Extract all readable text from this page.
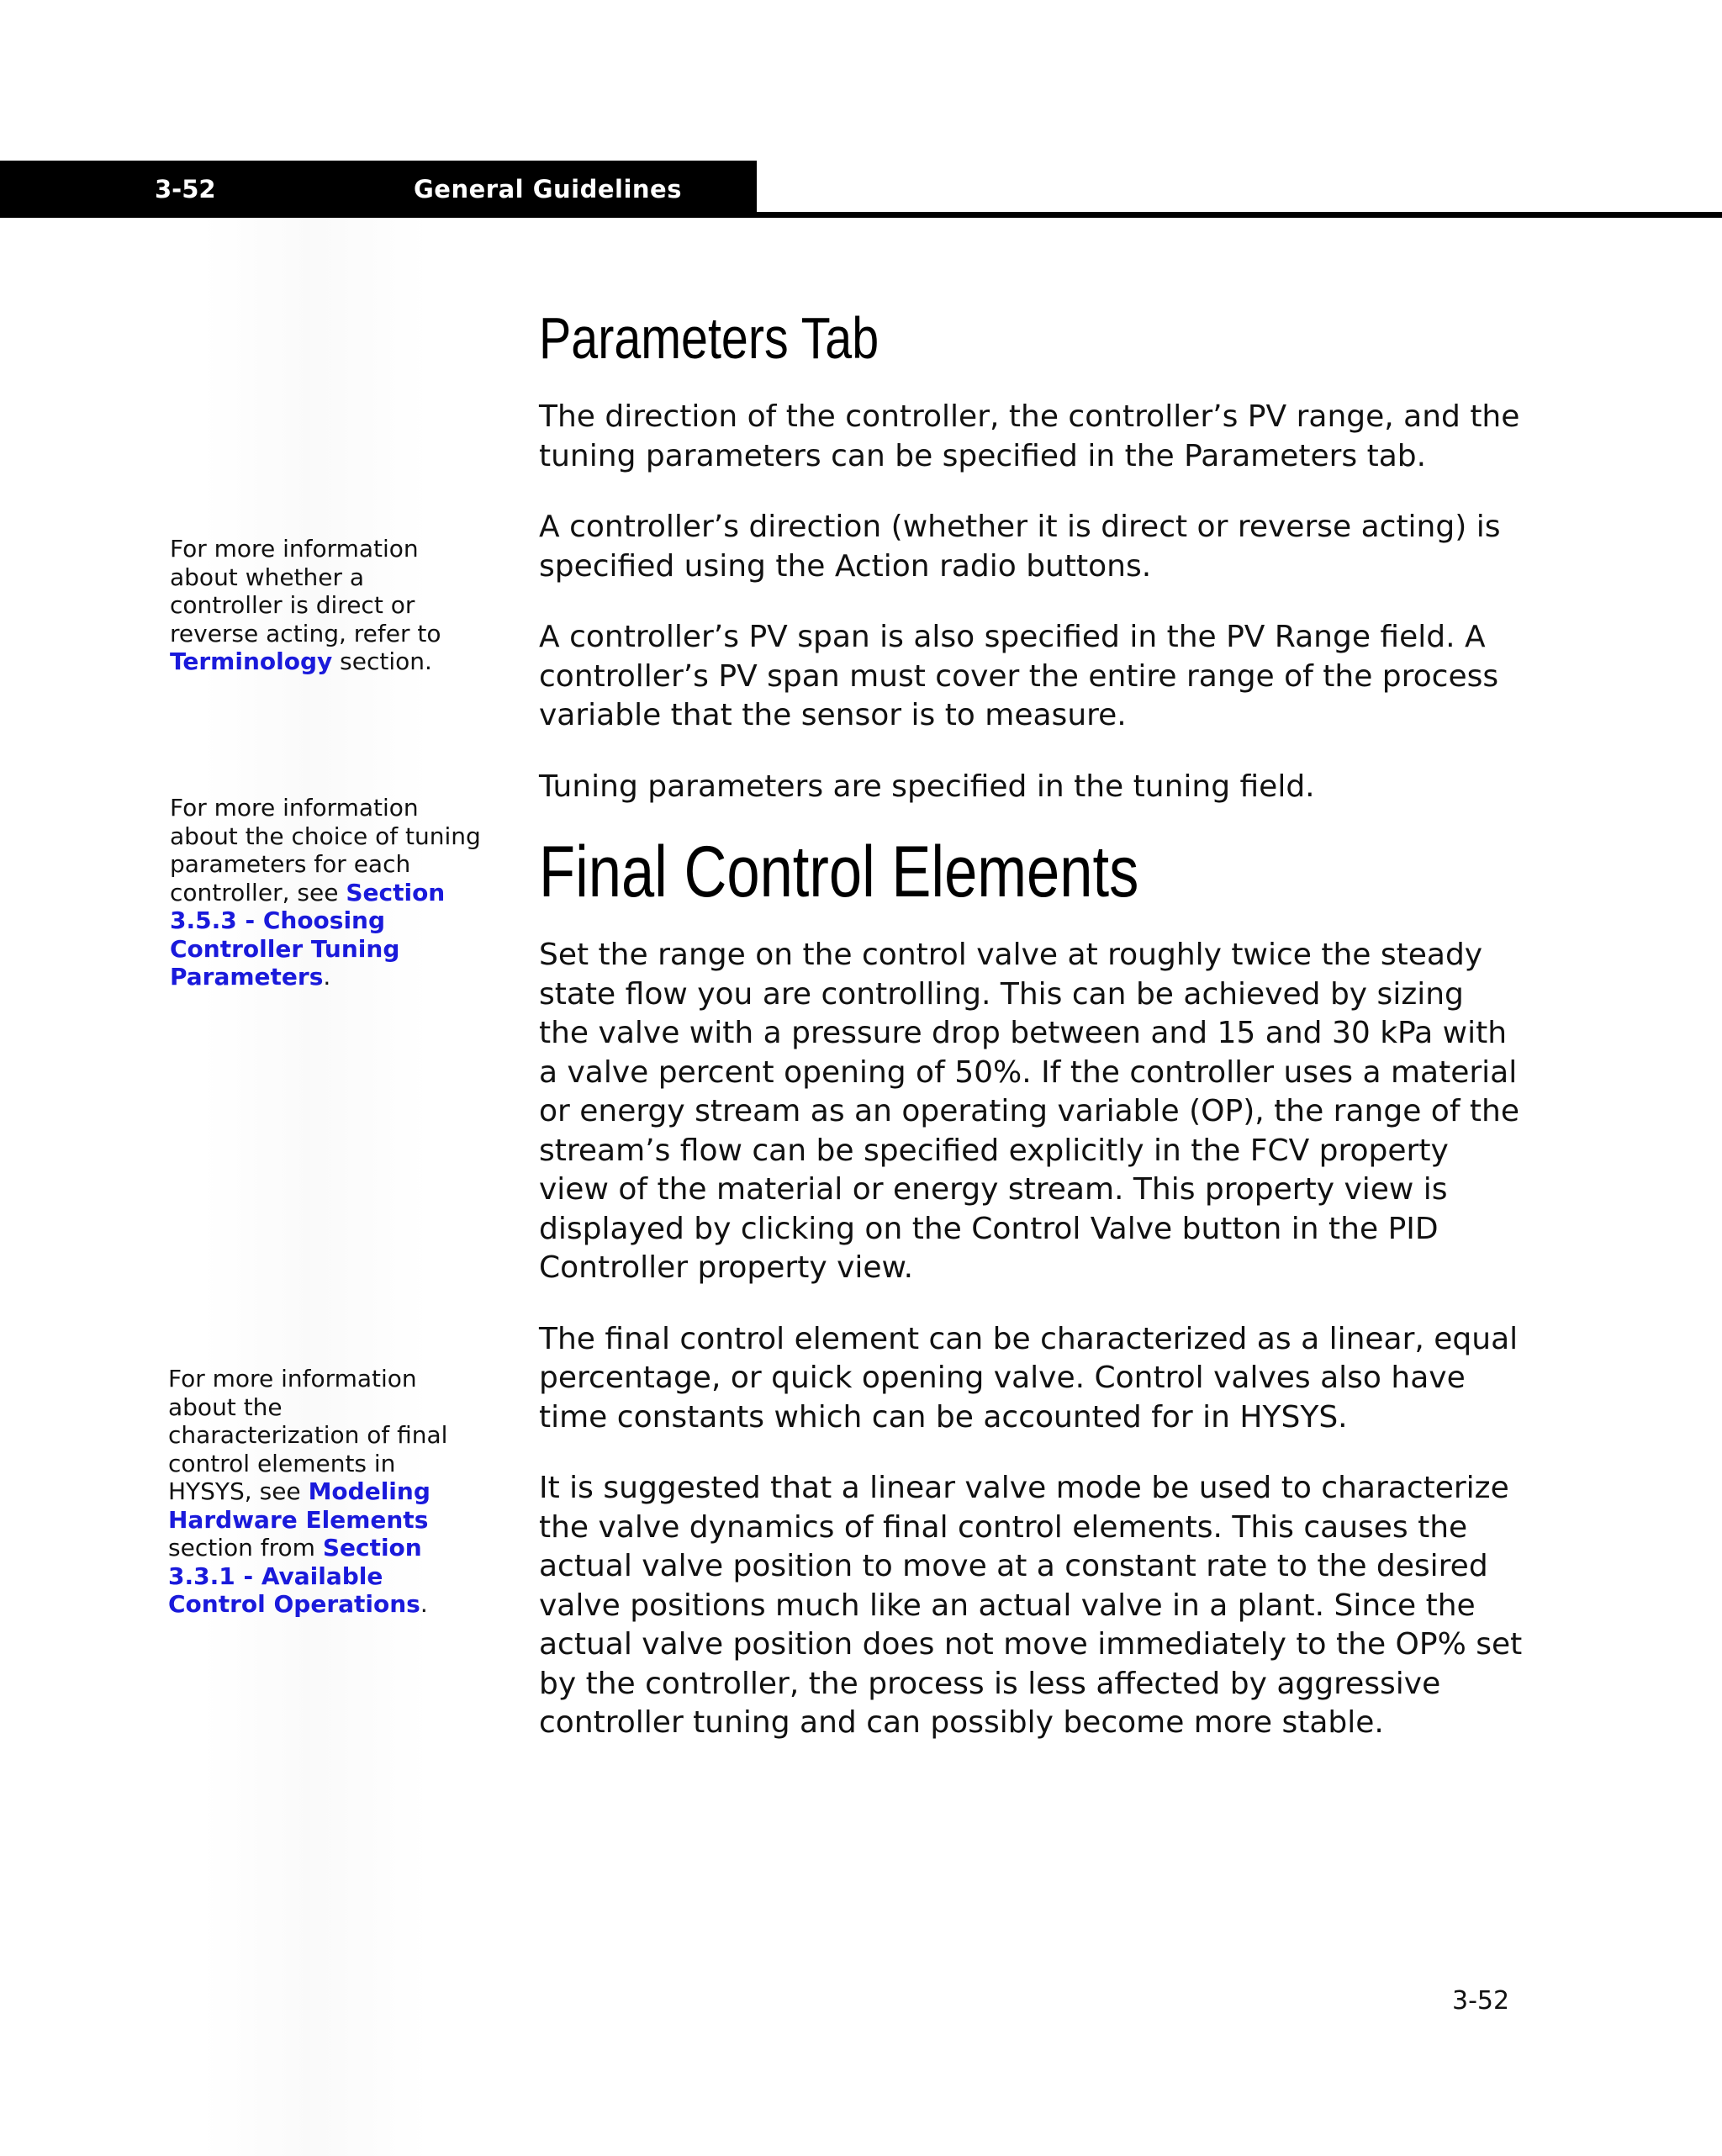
3-52	General Guidelines
Parameters Tab

The direction of the controller, the controller’s PV range, and the tuning parameters can be specified in the Parameters tab.

A controller’s direction (whether it is direct or reverse acting) is specified using the Action radio buttons.

A controller’s PV span is also specified in the PV Range field. A controller’s PV span must cover the entire range of the process variable that the sensor is to measure.

Tuning parameters are specified in the tuning field.

Final Control Elements

Set the range on the control valve at roughly twice the steady state flow you are controlling. This can be achieved by sizing the valve with a pressure drop between and 15 and 30 kPa with a valve percent opening of 50%. If the controller uses a material or energy stream as an operating variable (OP), the range of the stream’s flow can be specified explicitly in the FCV property view of the material or energy stream. This property view is displayed by clicking on the Control Valve button in the PID Controller property view.

The final control element can be characterized as a linear, equal percentage, or quick opening valve. Control valves also have time constants which can be accounted for in HYSYS.

It is suggested that a linear valve mode be used to characterize the valve dynamics of final control elements. This causes the actual valve position to move at a constant rate to the desired valve positions much like an actual valve in a plant. Since the actual valve position does not move immediately to the OP% set by the controller, the process is less affected by aggressive controller tuning and can possibly become more stable.

For more information about whether a controller is direct or reverse acting, refer to Terminology section.
For more information about the choice of tuning parameters for each controller, see Section 3.5.3 - Choosing Controller Tuning Parameters.
For more information about the characterization of final control elements in HYSYS, see Modeling Hardware Elements section from Section 3.3.1 - Available Control Operations.
3-52
